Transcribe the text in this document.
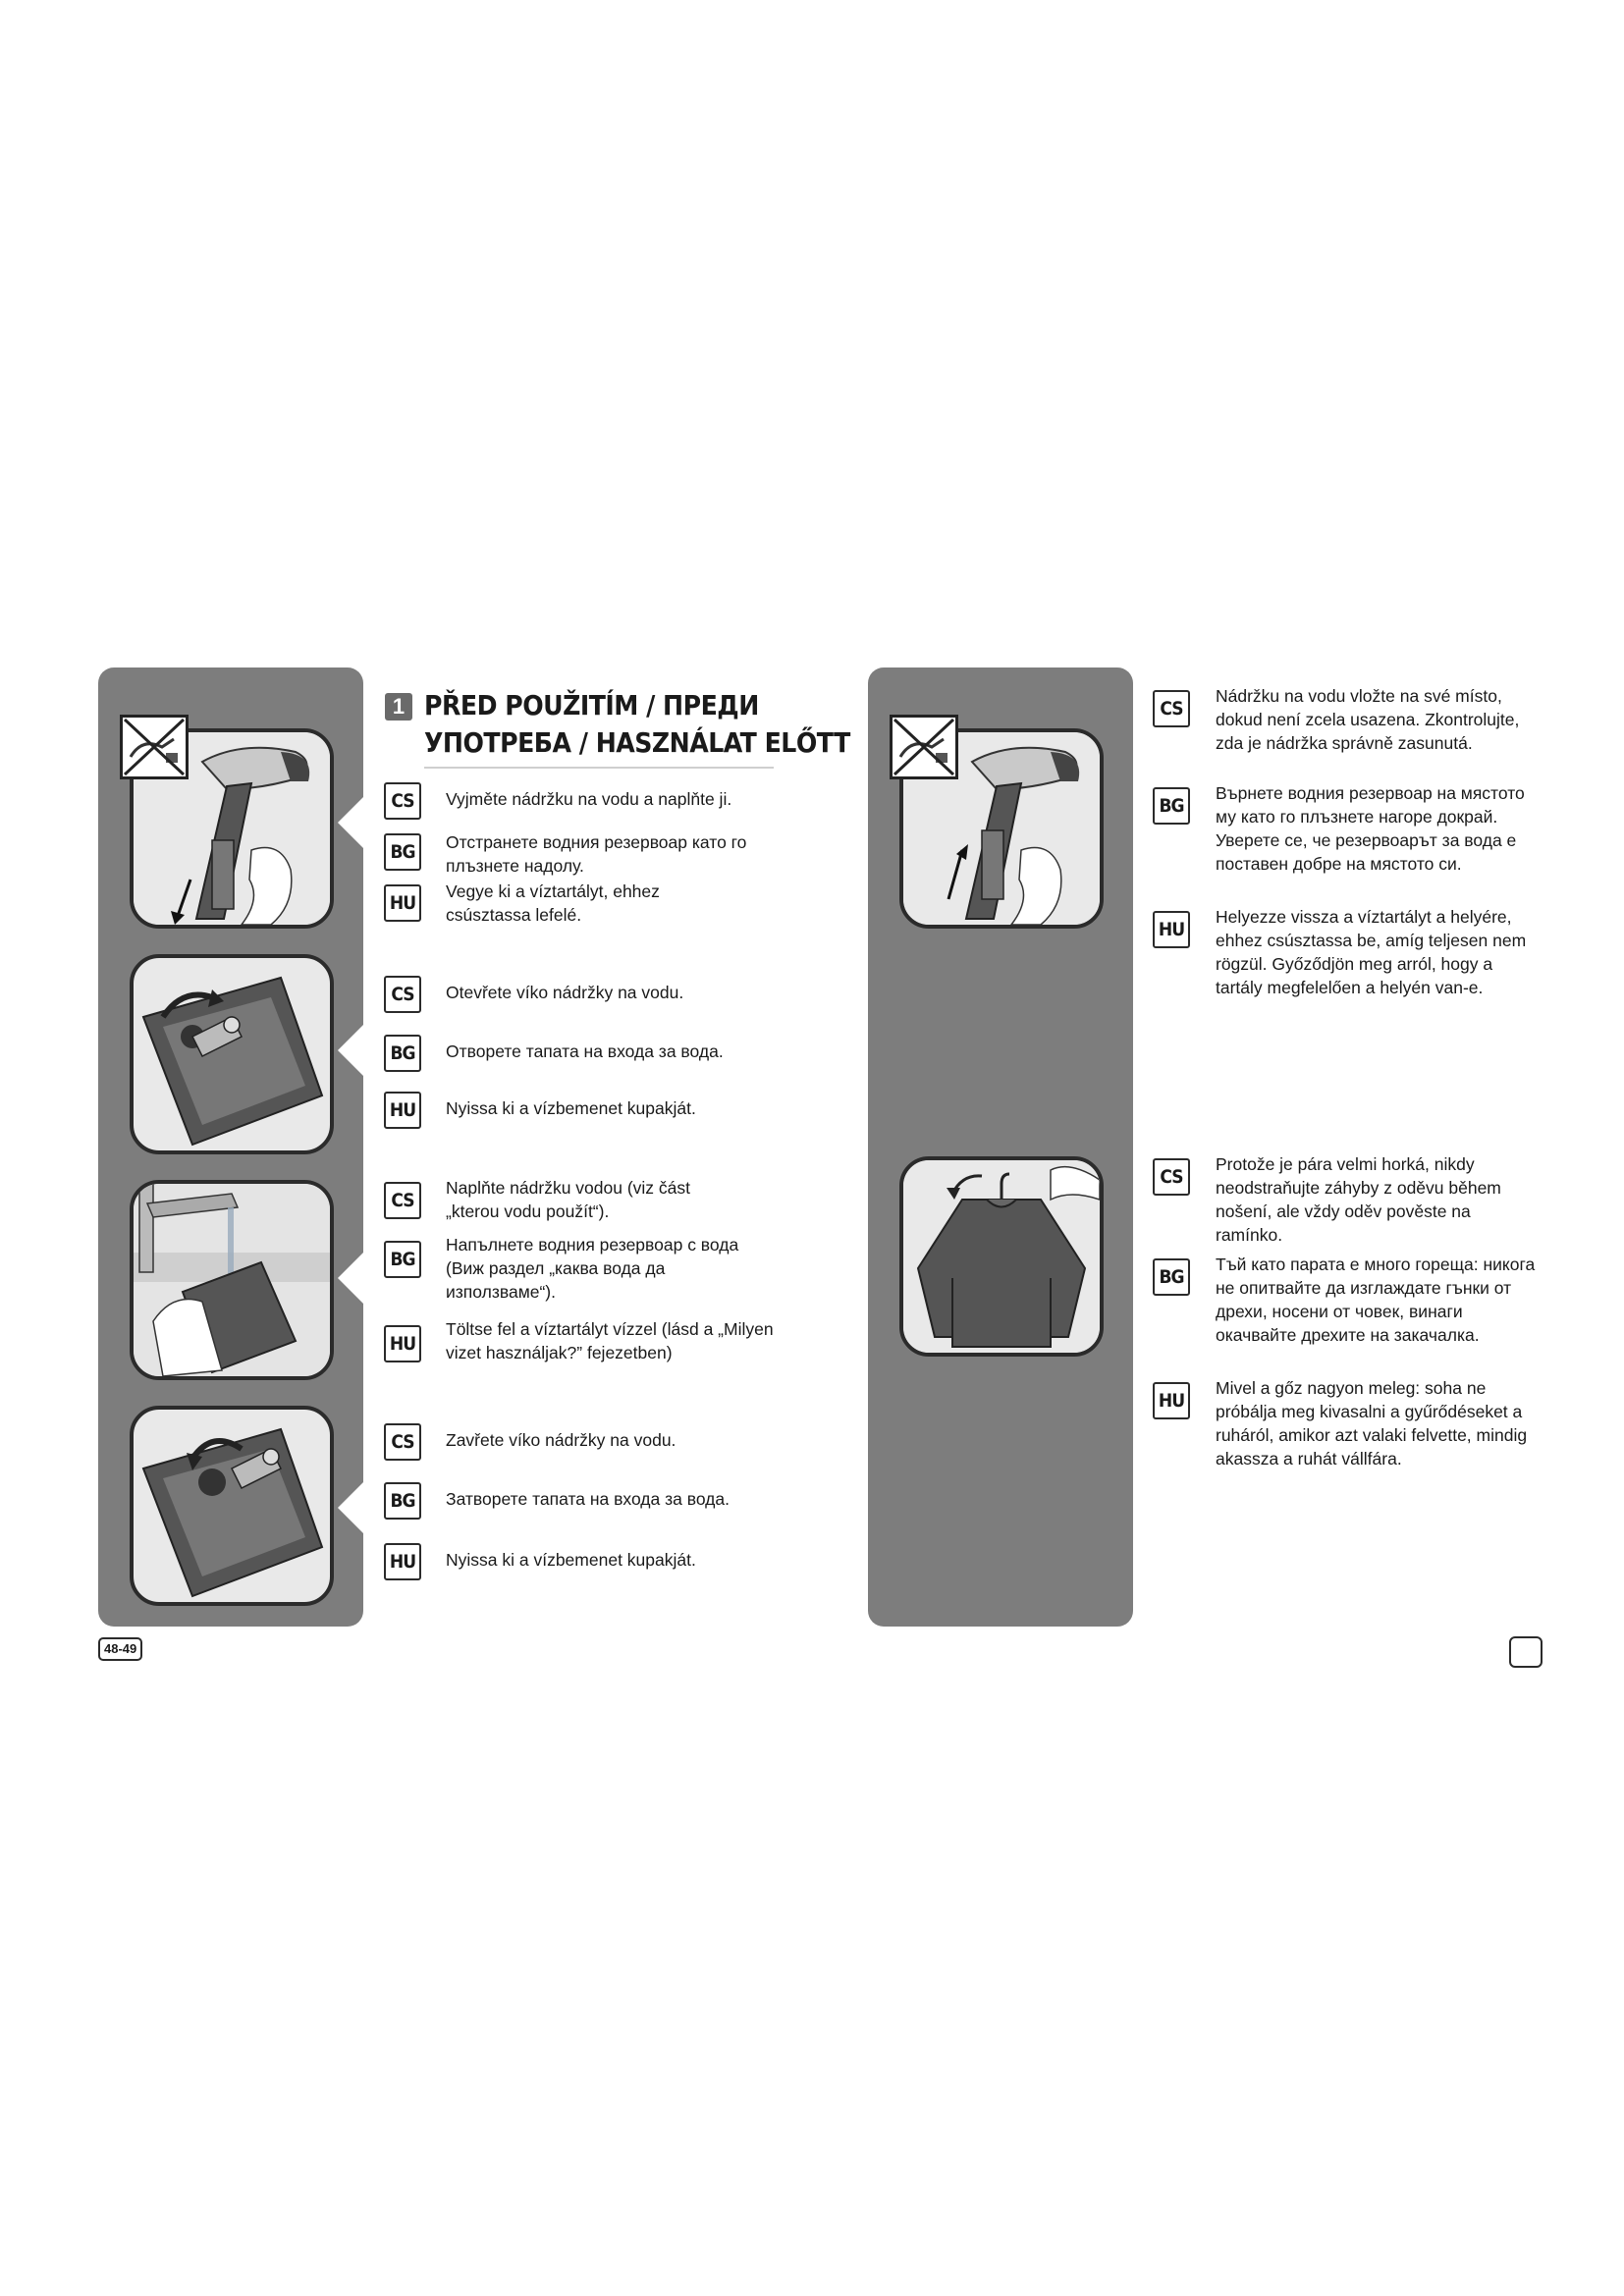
1 PŘED POUŽITÍM / ПРЕДИ
УПОТРЕБА / HASZNÁLAT ELŐTT
CS	Vyjměte nádržku na vodu a naplňte ji.
BG	Отстранете водния резервоар като го плъзнете надолу.
HU
Vegye ki a víztartályt, ehhez csúsztassa lefelé.
CS	Otevřete víko nádržky na vodu.
BG	Отворете тапата на входа за вода.
HU	Nyissa ki a vízbemenet kupakját.
CS
Naplňte nádržku vodou (viz část „kterou vodu použít“).
BG
Напълнете водния резервоар с вода (Виж раздел „каква вода да използваме“).
HU
Töltse fel a víztartályt vízzel (lásd a „Milyen vizet használjak?” fejezetben)
CS	Zavřete víko nádržky na vodu.
BG	Затворете тапата на входа за вода.
HU	Nyissa ki a vízbemenet kupakját.
48-49
CS
Nádržku na vodu vložte na své místo, dokud není zcela usazena. Zkontrolujte, zda je nádržka správně zasunutá.
BG
Върнете водния резервоар на мястото му като го плъзнете нагоре докрай. Уверете се, че резервоарът за вода е поставен добре на мястото си.
HU
Helyezze vissza a víztartályt a helyére, ehhez csúsztassa be, amíg teljesen nem rögzül. Győződjön meg arról, hogy a tartály megfelelően a helyén van-e.
CS
Protože je pára velmi horká, nikdy neodstraňujte záhyby z oděvu během nošení, ale vždy oděv pověste na ramínko.
BG
Тъй като парата е много гореща: никога не опитвайте да изглаждате гънки от дрехи, носени от човек, винаги окачвайте дрехите на закачалка.
HU
Mivel a gőz nagyon meleg: soha ne próbálja meg kivasalni a gyűrődéseket a ruháról, amikor azt valaki felvette, mindig akassza a ruhát vállfára.
